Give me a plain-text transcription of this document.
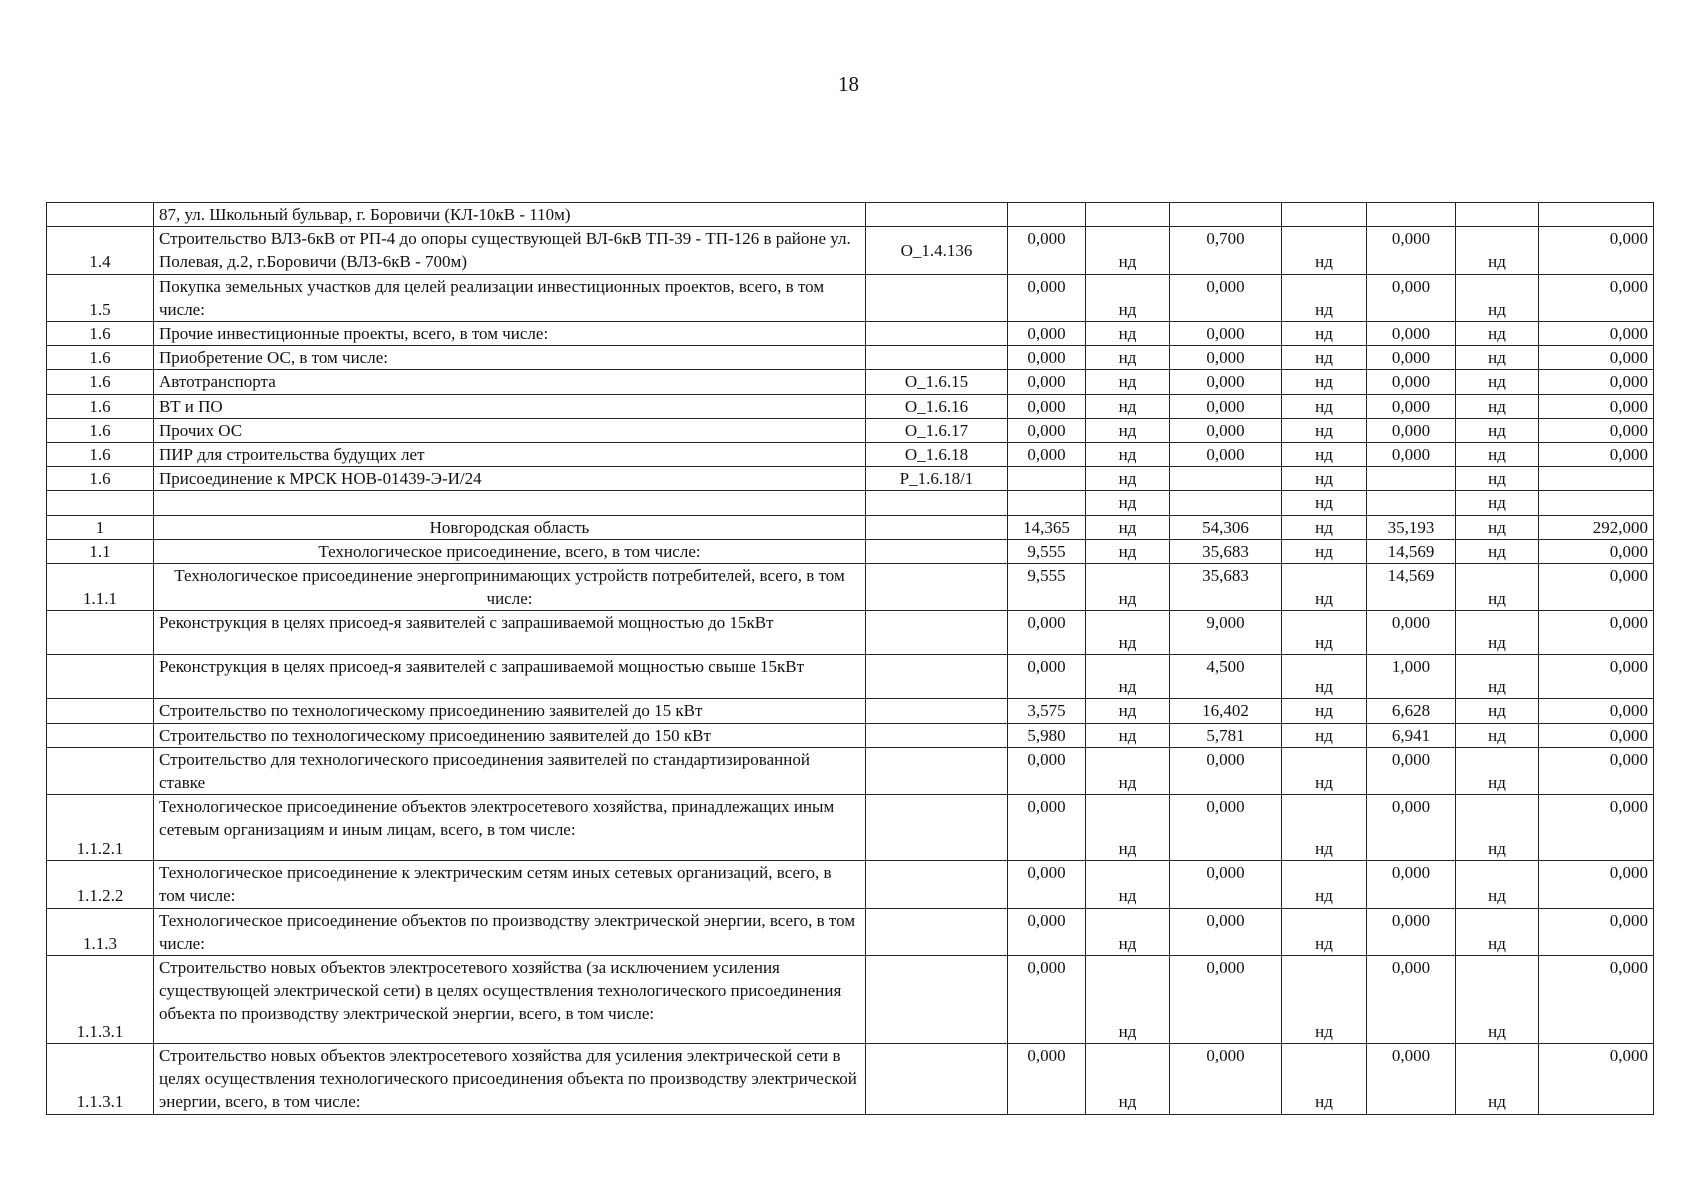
18
	87, ул. Школьный бульвар, г. Боровичи (КЛ-10кВ - 110м)								
1.4	Строительство ВЛЗ-6кВ от РП-4 до опоры существующей ВЛ-6кВ ТП-39 - ТП-126 в районе ул. Полевая, д.2, г.Боровичи (ВЛЗ-6кВ - 700м)	О_1.4.136	0,000	нд	0,700	нд	0,000	нд	0,000
1.5	Покупка земельных участков для целей реализации инвестиционных проектов, всего, в том числе:		0,000	нд	0,000	нд	0,000	нд	0,000
1.6	Прочие инвестиционные проекты, всего, в том числе:		0,000	нд	0,000	нд	0,000	нд	0,000
1.6	Приобретение ОС, в том числе:		0,000	нд	0,000	нд	0,000	нд	0,000
1.6	Автотранспорта	О_1.6.15	0,000	нд	0,000	нд	0,000	нд	0,000
1.6	ВТ и ПО	О_1.6.16	0,000	нд	0,000	нд	0,000	нд	0,000
1.6	Прочих ОС	О_1.6.17	0,000	нд	0,000	нд	0,000	нд	0,000
1.6	ПИР для строительства будущих лет	О_1.6.18	0,000	нд	0,000	нд	0,000	нд	0,000
1.6	Присоединение к МРСК НОВ-01439-Э-И/24	Р_1.6.18/1		нд		нд		нд	
				нд		нд		нд	
1	Новгородская область		14,365	нд	54,306	нд	35,193	нд	292,000
1.1	Технологическое присоединение, всего, в том числе:		9,555	нд	35,683	нд	14,569	нд	0,000
1.1.1	Технологическое присоединение энергопринимающих устройств потребителей, всего, в том числе:		9,555	нд	35,683	нд	14,569	нд	0,000
	Реконструкция в целях присоед-я заявителей с запрашиваемой мощностью до 15кВт		0,000	нд	9,000	нд	0,000	нд	0,000
	Реконструкция в целях присоед-я заявителей с запрашиваемой мощностью свыше 15кВт		0,000	нд	4,500	нд	1,000	нд	0,000
	Строительство по технологическому присоединению заявителей до 15 кВт		3,575	нд	16,402	нд	6,628	нд	0,000
	Строительство по технологическому присоединению заявителей до 150 кВт		5,980	нд	5,781	нд	6,941	нд	0,000
	Строительство для технологического присоединения заявителей по стандартизированной ставке		0,000	нд	0,000	нд	0,000	нд	0,000
1.1.2.1	Технологическое присоединение объектов электросетевого хозяйства, принадлежащих иным сетевым организациям и иным лицам, всего, в том числе:		0,000	нд	0,000	нд	0,000	нд	0,000
1.1.2.2	Технологическое присоединение к электрическим сетям иных сетевых организаций, всего, в том числе:		0,000	нд	0,000	нд	0,000	нд	0,000
1.1.3	Технологическое присоединение объектов по производству электрической энергии, всего, в том числе:		0,000	нд	0,000	нд	0,000	нд	0,000
1.1.3.1	Строительство новых объектов электросетевого хозяйства (за исключением усиления существующей электрической сети) в целях осуществления технологического присоединения объекта по производству электрической энергии, всего, в том числе:		0,000	нд	0,000	нд	0,000	нд	0,000
1.1.3.1	Строительство новых объектов электросетевого хозяйства для усиления электрической сети в целях осуществления технологического присоединения объекта по производству электрической энергии, всего, в том числе:		0,000	нд	0,000	нд	0,000	нд	0,000
